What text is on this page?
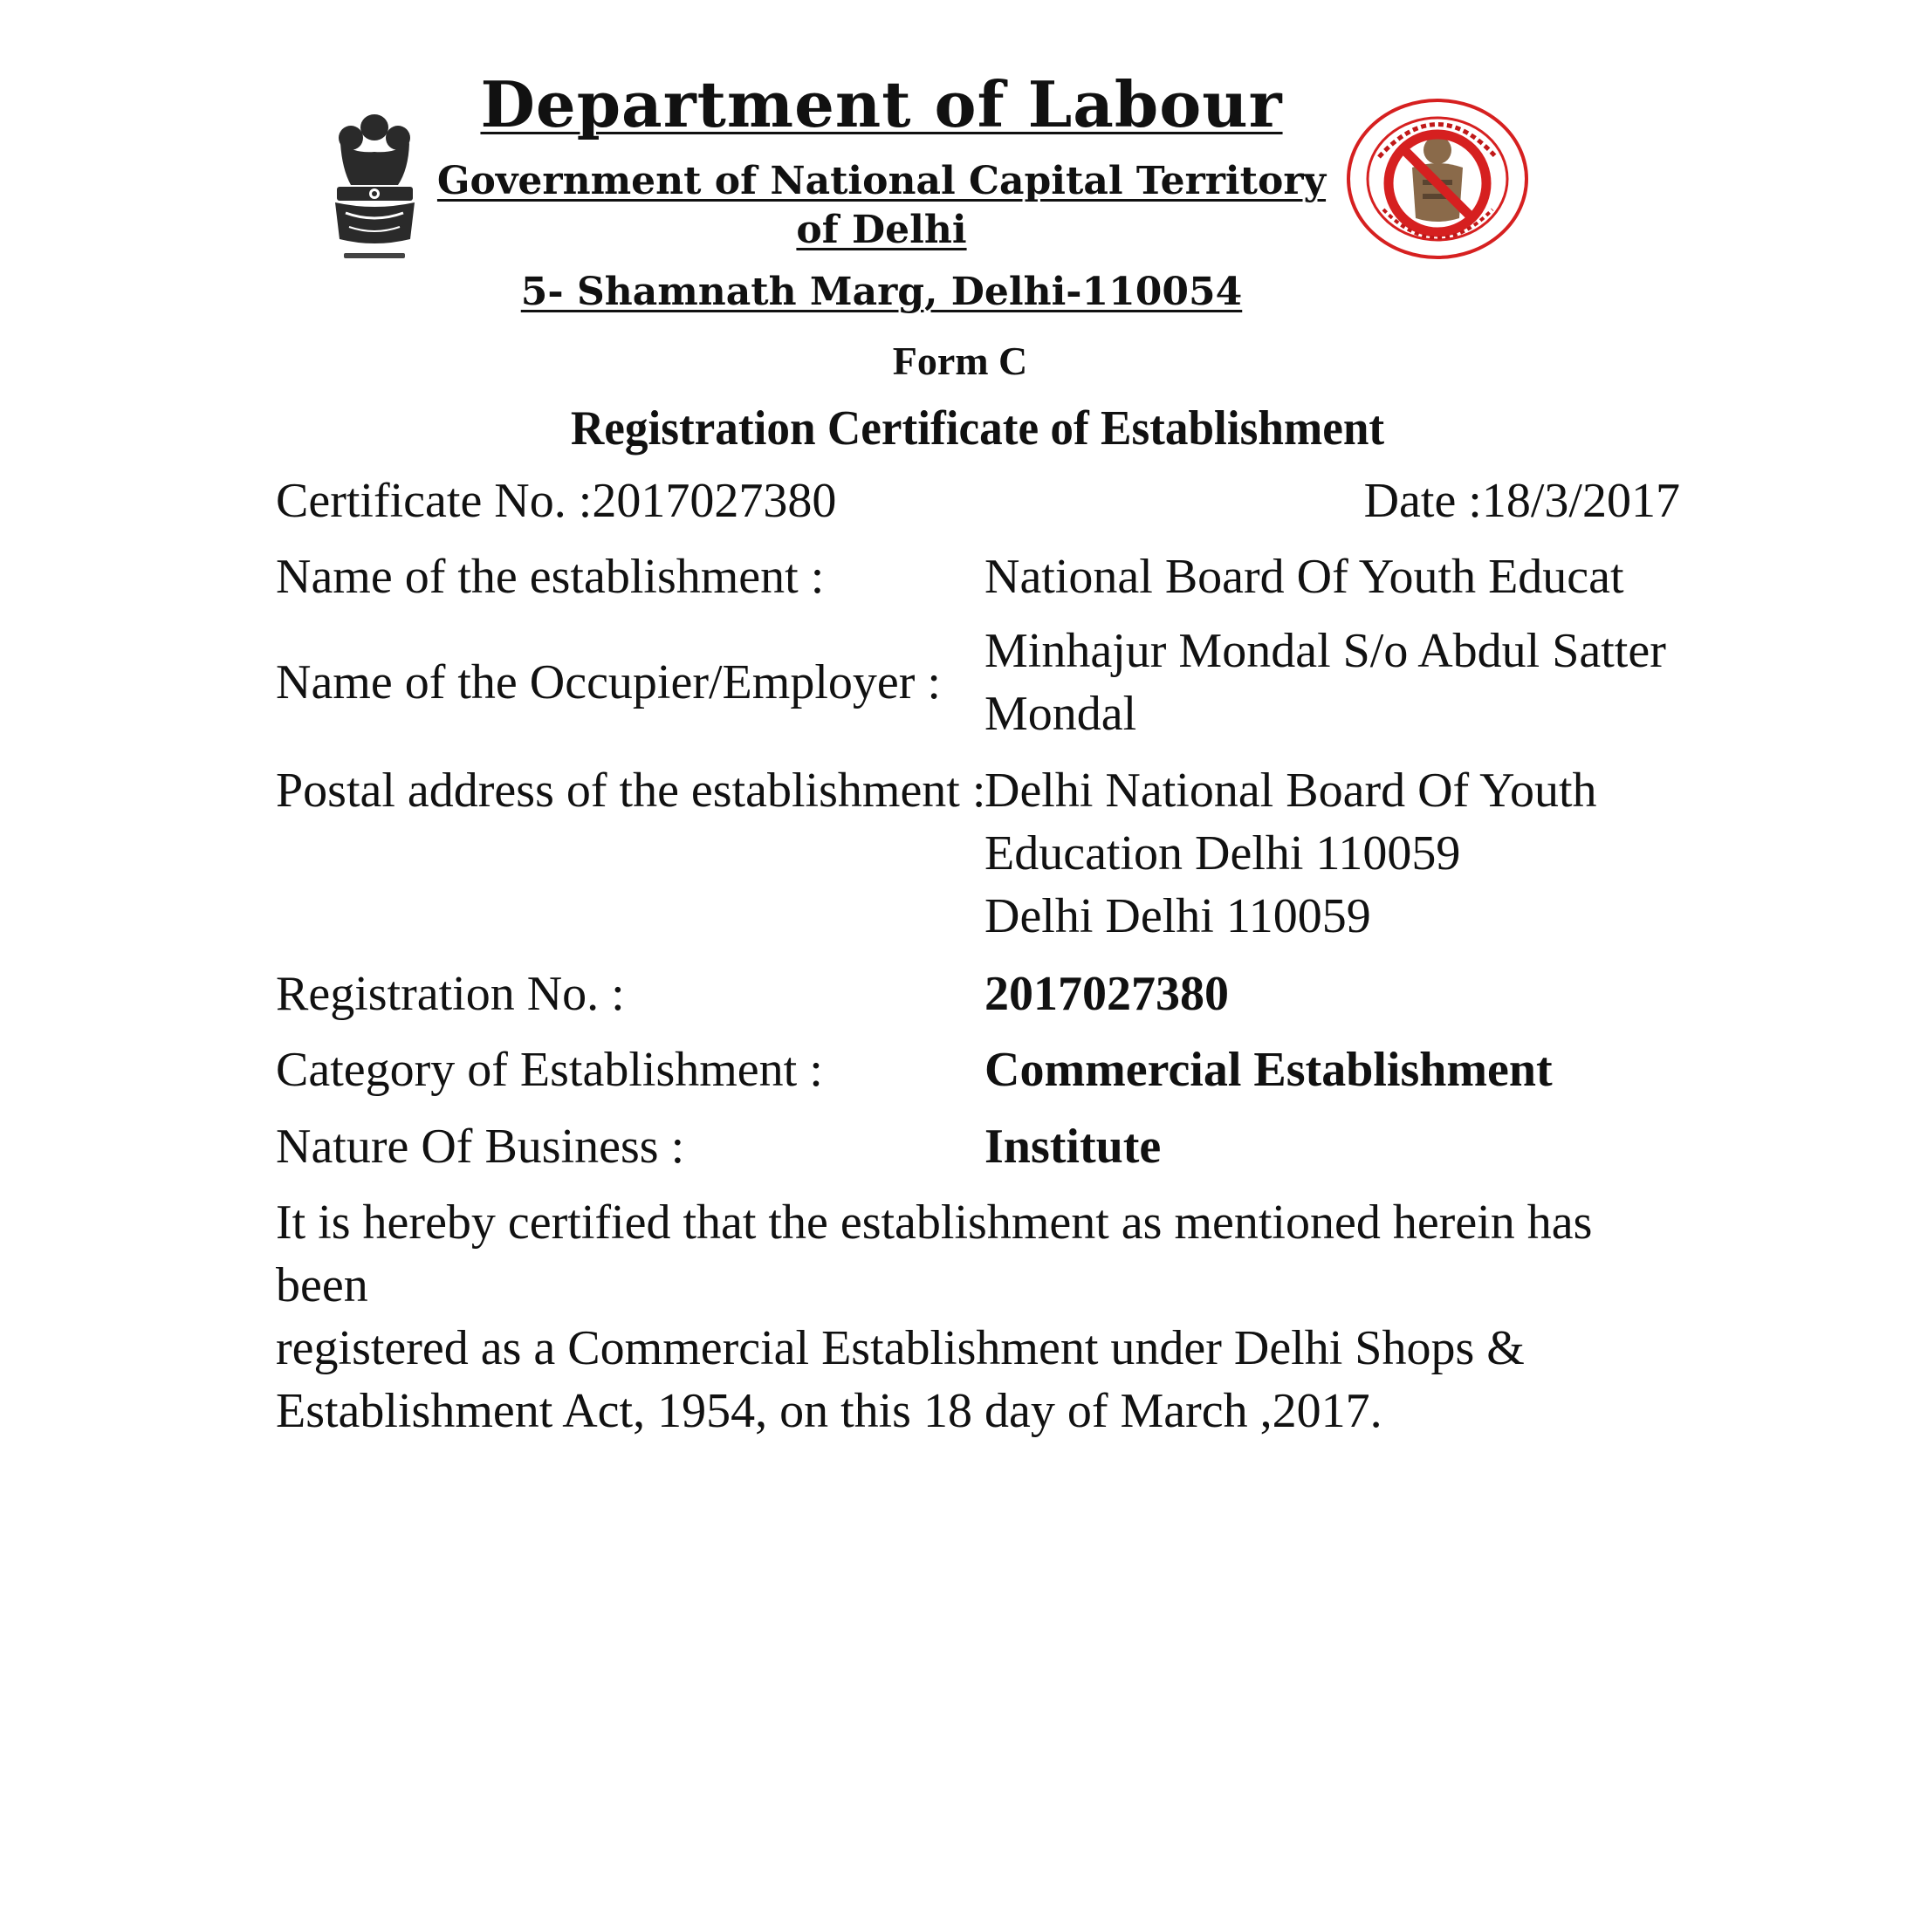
Department of Labour
Government of National Capital Territory
of Delhi
5- Shamnath Marg, Delhi-110054
Form C
Registration Certificate of Establishment
Certificate No. :2017027380	Date :18/3/2017
Name of the establishment :	National Board Of Youth Educat
Name of the Occupier/Employer :
Minhajur Mondal S/o Abdul Satter
Mondal
Postal address of the establishment :
Delhi National Board Of Youth
Education Delhi 110059
Delhi Delhi 110059
Registration No. :	2017027380
Category of Establishment :	Commercial Establishment
Nature Of Business :	Institute
It is hereby certified that the establishment as mentioned herein has been
registered as a Commercial Establishment under Delhi Shops &
Establishment Act, 1954, on this 18 day of March ,2017.
